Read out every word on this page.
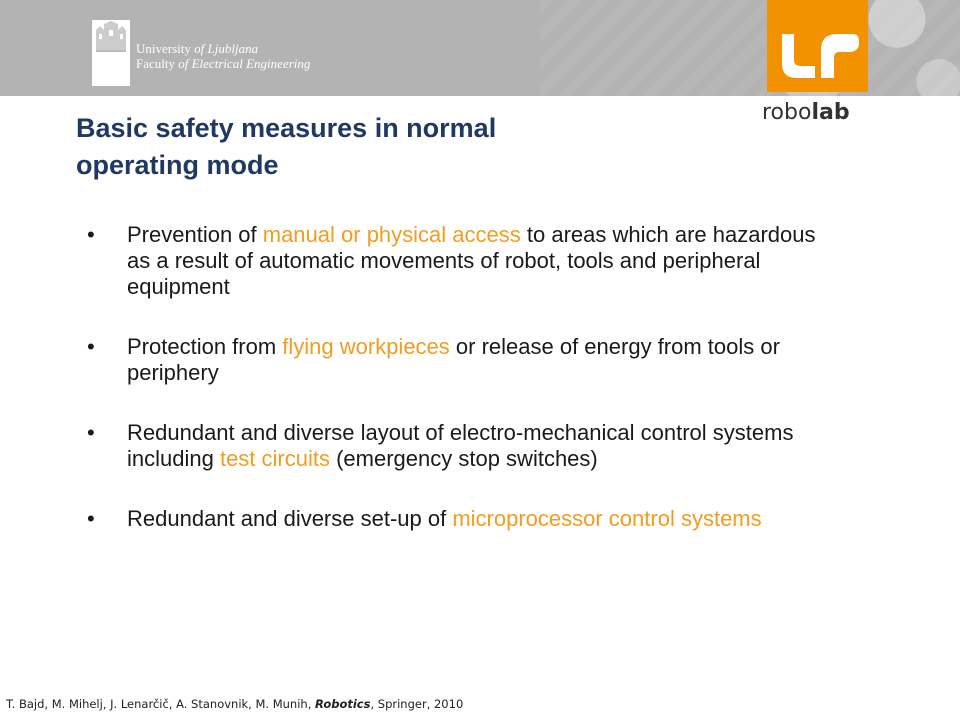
University of Ljubljana
Faculty of Electrical Engineering
robolab
Basic safety measures in normal
operating mode
• Prevention of manual or physical access to areas which are hazardous as a result of automatic movements of robot, tools and peripheral equipment
• Protection from flying workpieces or release of energy from tools or periphery
• Redundant and diverse layout of electro-mechanical control systems including test circuits (emergency stop switches)
• Redundant and diverse set-up of microprocessor control systems
T. Bajd, M. Mihelj, J. Lenarčič, A. Stanovnik, M. Munih, Robotics, Springer, 2010
